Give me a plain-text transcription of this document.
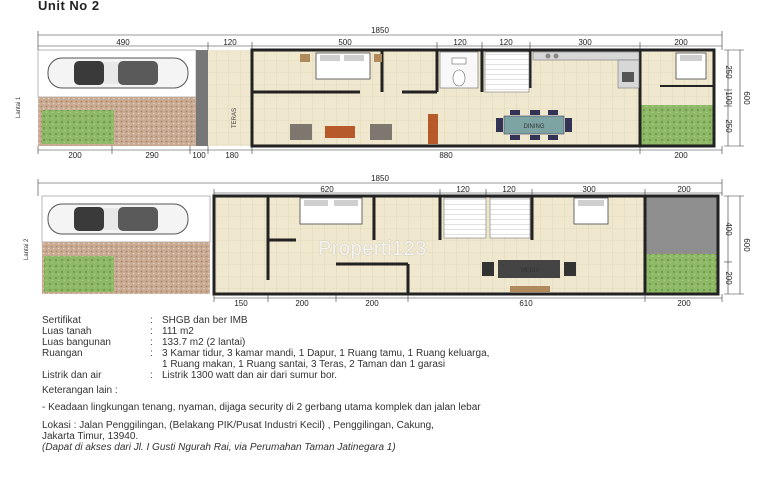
Unit No 2
1850
490	120	500	120	120	300	200
TERAS	DINING
Lantai 1
250
100
250
600
200	290	100 180	880	200
1850
620	120	120	300	200
MEDIA
Lantai 2
400
200
600
150	200	200	610	200
Properti123
Sertifikat	: SHGB dan ber IMB
Luas tanah	: 111 m2
Luas bangunan	: 133.7 m2 (2 lantai)
Ruangan	: 3 Kamar tidur, 3 kamar mandi, 1 Dapur, 1 Ruang tamu, 1 Ruang keluarga,
1 Ruang makan, 1 Ruang santai, 3 Teras, 2 Taman dan 1 garasi
Listrik dan air	: Listrik 1300 watt dan air dari sumur bor.
Keterangan lain :
- Keadaan lingkungan tenang, nyaman, dijaga security di 2 gerbang utama komplek dan jalan lebar
Lokasi : Jalan Penggilingan, (Belakang PIK/Pusat Industri Kecil) , Penggilingan, Cakung,
Jakarta Timur, 13940.
(Dapat di akses dari Jl. I Gusti Ngurah Rai, via Perumahan Taman Jatinegara 1)
